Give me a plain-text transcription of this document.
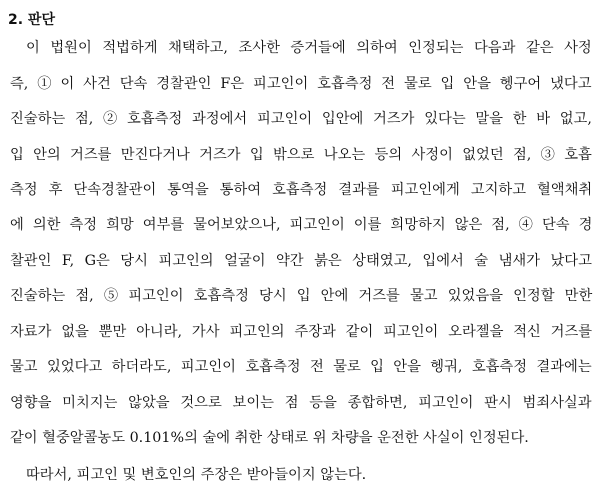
2. 판단
이 법원이 적법하게 채택하고, 조사한 증거들에 의하여 인정되는 다음과 같은 사정
즉, ① 이 사건 단속 경찰관인 F은 피고인이 호흡측정 전 물로 입 안을 헹구어 냈다고
진술하는 점, ② 호흡측정 과정에서 피고인이 입안에 거즈가 있다는 말을 한 바 없고,
입 안의 거즈를 만진다거나 거즈가 입 밖으로 나오는 등의 사정이 없었던 점, ③ 호흡
측정 후 단속경찰관이 통역을 통하여 호흡측정 결과를 피고인에게 고지하고 혈액채취
에 의한 측정 희망 여부를 물어보았으나, 피고인이 이를 희망하지 않은 점, ④ 단속 경
찰관인 F, G은 당시 피고인의 얼굴이 약간 붉은 상태였고, 입에서 술 냄새가 났다고
진술하는 점, ⑤ 피고인이 호흡측정 당시 입 안에 거즈를 물고 있었음을 인정할 만한
자료가 없을 뿐만 아니라, 가사 피고인의 주장과 같이 피고인이 오라젤을 적신 거즈를
물고 있었다고 하더라도, 피고인이 호흡측정 전 물로 입 안을 헹궈, 호흡측정 결과에는
영향을 미치지는 않았을 것으로 보이는 점 등을 종합하면, 피고인이 판시 범죄사실과
같이 혈중알콜농도 0.101%의 술에 취한 상태로 위 차량을 운전한 사실이 인정된다.
따라서, 피고인 및 변호인의 주장은 받아들이지 않는다.
